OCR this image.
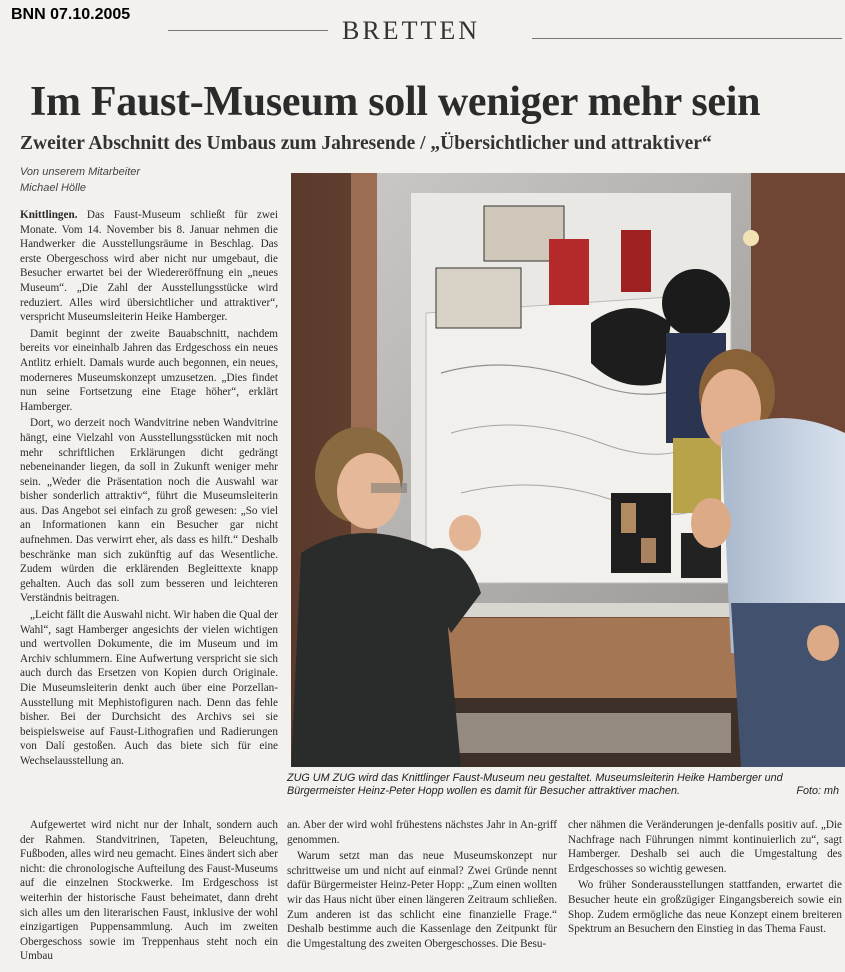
BNN 07.10.2005
BRETTEN
Im Faust-Museum soll weniger mehr sein
Zweiter Abschnitt des Umbaus zum Jahresende / „Übersichtlicher und attraktiver“
Von unserem Mitarbeiter
Michael Hölle

Knittlingen. Das Faust-Museum schließt für zwei Monate. Vom 14. November bis 8. Januar nehmen die Handwerker die Ausstellungsräume in Beschlag. Das erste Obergeschoss wird aber nicht nur umgebaut, die Besucher erwartet bei der Wiedereröffnung ein „neues Museum“. „Die Zahl der Ausstellungsstücke wird reduziert. Alles wird übersichtlicher und attraktiver“, verspricht Museumsleiterin Heike Hamberger.

Damit beginnt der zweite Bauabschnitt, nachdem bereits vor eineinhalb Jahren das Erdgeschoss ein neues Antlitz erhielt. Damals wurde auch begonnen, ein neues, moderneres Museumskonzept umzusetzen. „Dies findet nun seine Fortsetzung eine Etage höher“, erklärt Hamberger.

Dort, wo derzeit noch Wandvitrine neben Wandvitrine hängt, eine Vielzahl von Ausstellungsstücken mit noch mehr schriftlichen Erklärungen dicht gedrängt nebeneinander liegen, da soll in Zukunft weniger mehr sein. „Weder die Präsentation noch die Auswahl war bisher sonderlich attraktiv“, führt die Museumsleiterin aus. Das Angebot sei einfach zu groß gewesen: „So viel an Informationen kann ein Besucher gar nicht aufnehmen. Das verwirrt eher, als dass es hilft.“ Deshalb beschränke man sich zukünftig auf das Wesentliche. Zudem würden die erklärenden Begleittexte knapp gehalten. Auch das soll zum besseren und leichteren Verständnis beitragen.

„Leicht fällt die Auswahl nicht. Wir haben die Qual der Wahl“, sagt Hamberger angesichts der vielen wichtigen und wertvollen Dokumente, die im Museum und im Archiv schlummern. Eine Aufwertung verspricht sie sich auch durch das Ersetzen von Kopien durch Originale. Die Museumsleiterin denkt auch über eine Porzellan-Ausstellung mit Mephistofiguren nach. Denn das fehle bisher. Bei der Durchsicht des Archivs sei sie beispielsweise auf Faust-Lithografien und Radierungen von Dalí gestoßen. Auch das biete sich für eine Wechselausstellung an.

ZUG UM ZUG wird das Knittlinger Faust-Museum neu gestaltet. Museumsleiterin Heike Hamberger und Bürgermeister Heinz-Peter Hopp wollen es damit für Besucher attraktiver machen.	Foto: mh

Aufgewertet wird nicht nur der Inhalt, sondern auch der Rahmen. Standvitrinen, Tapeten, Beleuchtung, Fußboden, alles wird neu gemacht. Eines ändert sich aber nicht: die chronologische Aufteilung des Faust-Museums auf die einzelnen Stockwerke. Im Erdgeschoss ist weiterhin der historische Faust beheimatet, dann dreht sich alles um den literarischen Faust, inklusive der wohl einzigartigen Puppensammlung. Auch im zweiten Obergeschoss sowie im Treppenhaus steht noch ein Umbau

an. Aber der wird wohl frühestens nächstes Jahr in An-griff genommen.

Warum setzt man das neue Museumskonzept nur schrittweise um und nicht auf einmal? Zwei Gründe nennt dafür Bürgermeister Heinz-Peter Hopp: „Zum einen wollten wir das Haus nicht über einen längeren Zeitraum schließen. Zum anderen ist das schlicht eine finanzielle Frage.“ Deshalb bestimme auch die Kassenlage den Zeitpunkt für die Umgestaltung des zweiten Obergeschosses. Die Besu-

cher nähmen die Veränderungen je-denfalls positiv auf. „Die Nachfrage nach Führungen nimmt kontinuierlich zu“, sagt Hamberger. Deshalb sei auch die Umgestaltung des Erdgeschosses so wichtig gewesen.

Wo früher Sonderausstellungen stattfanden, erwartet die Besucher heute ein großzügiger Eingangsbereich sowie ein Shop. Zudem ermögliche das neue Konzept einem breiteren Spektrum an Besuchern den Einstieg in das Thema Faust.
